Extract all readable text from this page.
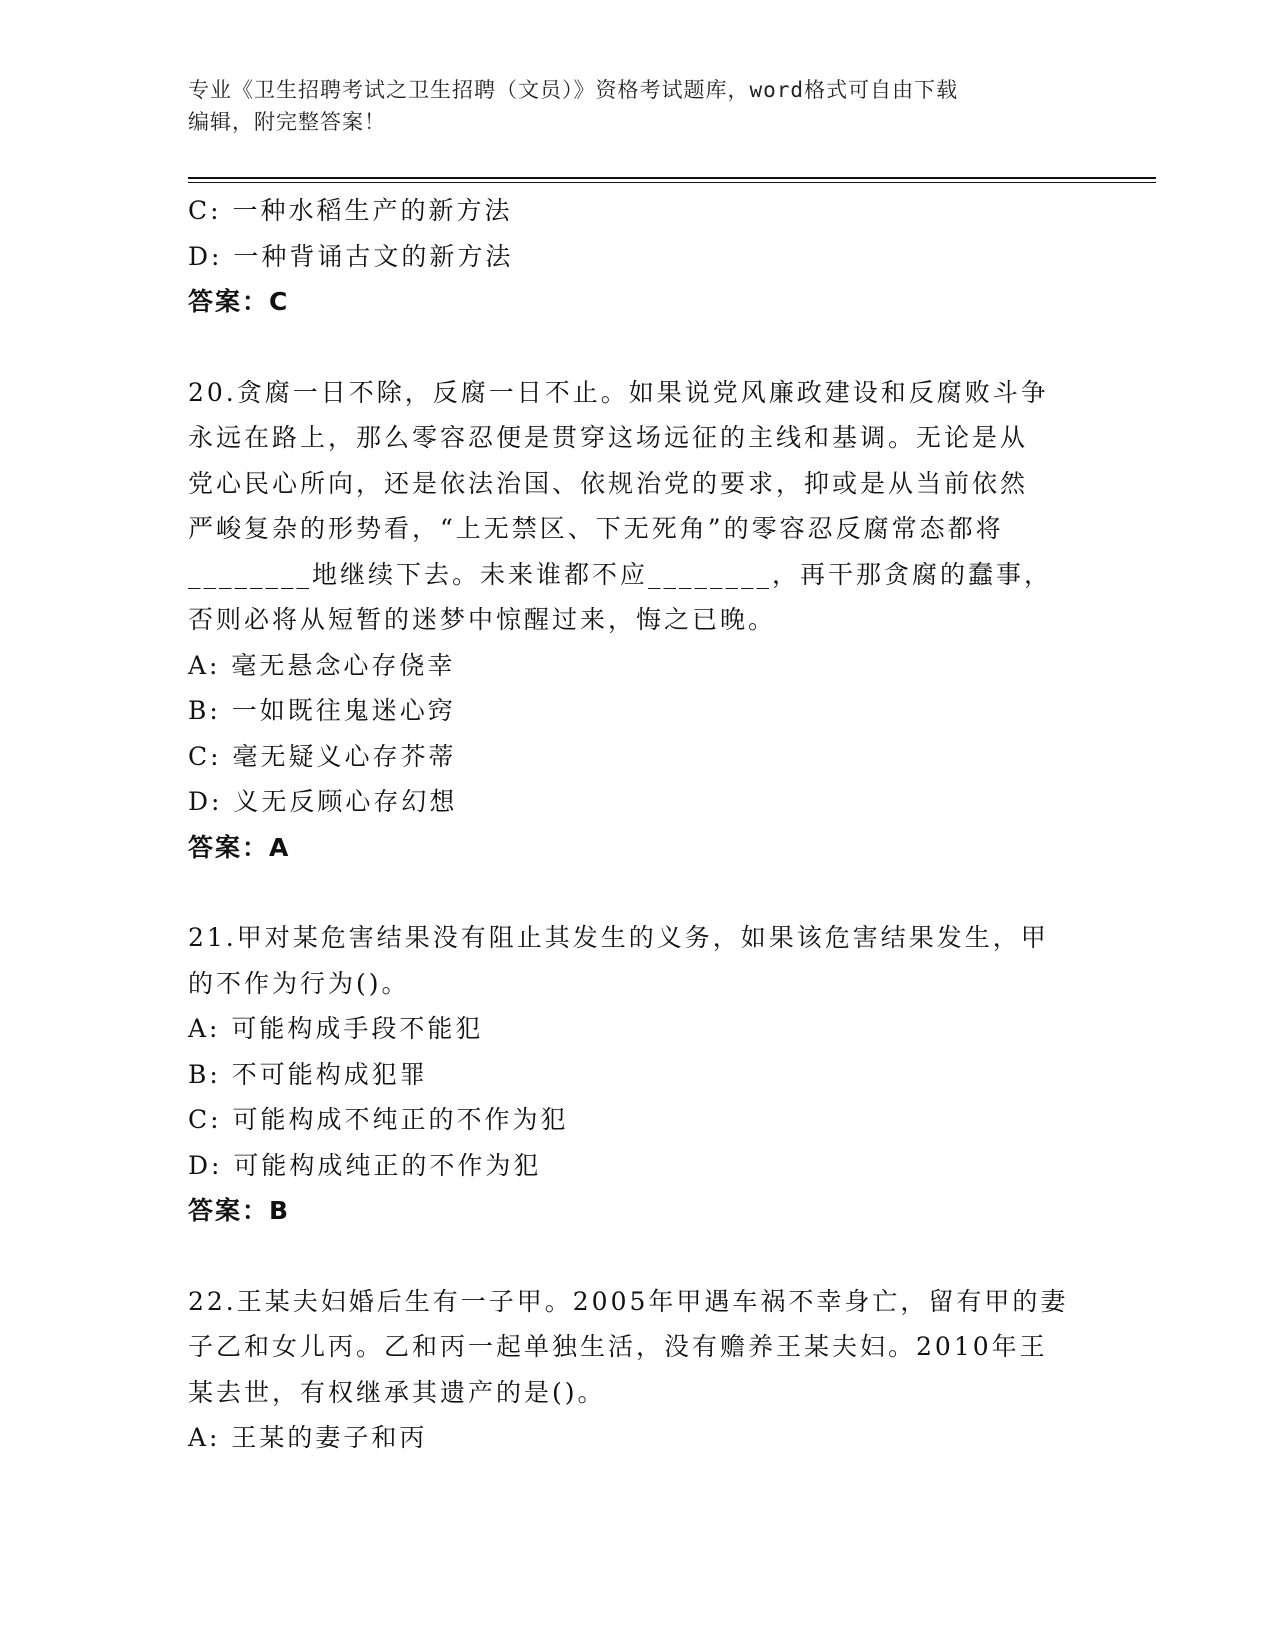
专业《卫生招聘考试之卫生招聘（文员）》资格考试题库，word格式可自由下载
编辑，附完整答案！
C: 一种水稻生产的新方法
D: 一种背诵古文的新方法
答案：C
20.贪腐一日不除，反腐一日不止。如果说党风廉政建设和反腐败斗争
永远在路上，那么零容忍便是贯穿这场远征的主线和基调。无论是从
党心民心所向，还是依法治国、依规治党的要求，抑或是从当前依然
严峻复杂的形势看，“上无禁区、下无死角”的零容忍反腐常态都将
________地继续下去。未来谁都不应________，再干那贪腐的蠢事，
否则必将从短暂的迷梦中惊醒过来，悔之已晚。
A: 毫无悬念心存侥幸
B: 一如既往鬼迷心窍
C: 毫无疑义心存芥蒂
D: 义无反顾心存幻想
答案：A
21.甲对某危害结果没有阻止其发生的义务，如果该危害结果发生，甲
的不作为行为()。
A: 可能构成手段不能犯
B: 不可能构成犯罪
C: 可能构成不纯正的不作为犯
D: 可能构成纯正的不作为犯
答案：B
22.王某夫妇婚后生有一子甲。2005年甲遇车祸不幸身亡，留有甲的妻
子乙和女儿丙。乙和丙一起单独生活，没有赡养王某夫妇。2010年王
某去世，有权继承其遗产的是()。
A: 王某的妻子和丙
